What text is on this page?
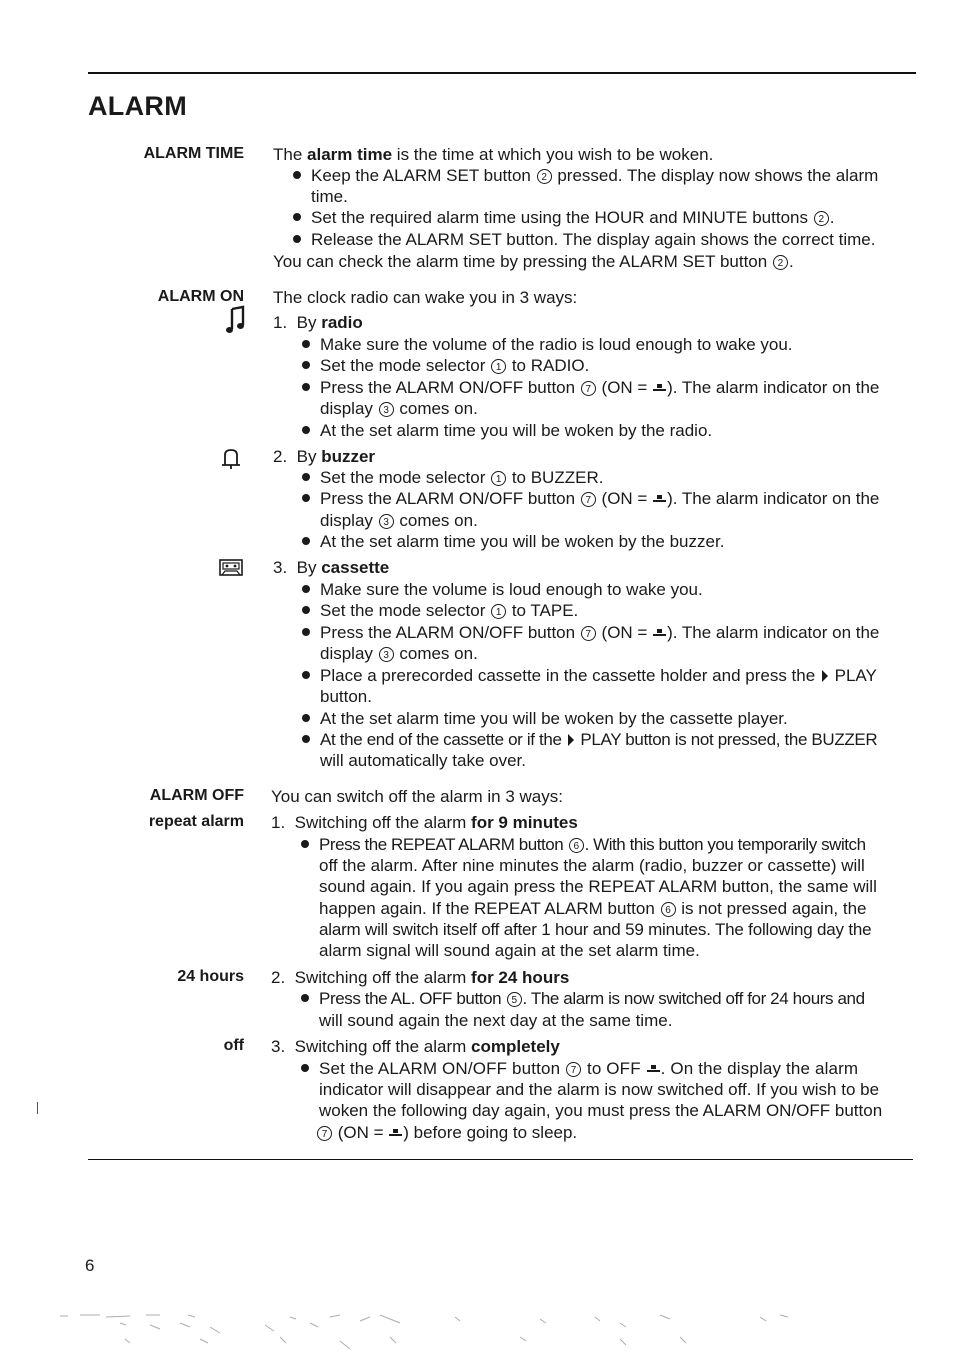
ALARM
ALARM TIME The alarm time is the time at which you wish to be woken.
Keep the ALARM SET button 2 pressed. The display now shows the alarm
time.
Set the required alarm time using the HOUR and MINUTE buttons 2 .
Release the ALARM SET button. The display again shows the correct time.
You can check the alarm time by pressing the ALARM SET button 2 .
ALARM ON The clock radio can wake you in 3 ways:
1. By radio
Make sure the volume of the radio is loud enough to wake you.
Set the mode selector 1 to RADIO.
Press the ALARM ON/OFF button 7 (ON = ). The alarm indicator on the
display 3 comes on.
At the set alarm time you will be woken by the radio.
2. By buzzer
Set the mode selector 1 to BUZZER.
Press the ALARM ON/OFF button 7 (ON = ). The alarm indicator on the
display 3 comes on.
At the set alarm time you will be woken by the buzzer.
3. By cassette
Make sure the volume is loud enough to wake you.
Set the mode selector 1 to TAPE.
Press the ALARM ON/OFF button 7 (ON = ). The alarm indicator on the
display 3 comes on.
Place a prerecorded cassette in the cassette holder and press the  PLAY
button.
At the set alarm time you will be woken by the cassette player.
At the end of the cassette or if the  PLAY button is not pressed, the BUZZER
will automatically take over.
ALARM OFF
repeat alarm
You can switch off the alarm in 3 ways:
1. Switching off the alarm for 9 minutes
Press the REPEAT ALARM button 6 . With this button you temporarily switch
off the alarm. After nine minutes the alarm (radio, buzzer or cassette) will
sound again. If you again press the REPEAT ALARM button, the same will
happen again. If the REPEAT ALARM button 6 is not pressed again, the
alarm will switch itself off after 1 hour and 59 minutes. The following day the
alarm signal will sound again at the set alarm time.
24 hours 2. Switching off the alarm for 24 hours
Press the AL. OFF button 5 . The alarm is now switched off for 24 hours and
will sound again the next day at the same time.
off 3. Switching off the alarm completely
Set the ALARM ON/OFF button 7 to OFF . On the display the alarm
indicator will disappear and the alarm is now switched off. If you wish to be
woken the following day again, you must press the ALARM ON/OFF button
7 (ON = ) before going to sleep.
6
